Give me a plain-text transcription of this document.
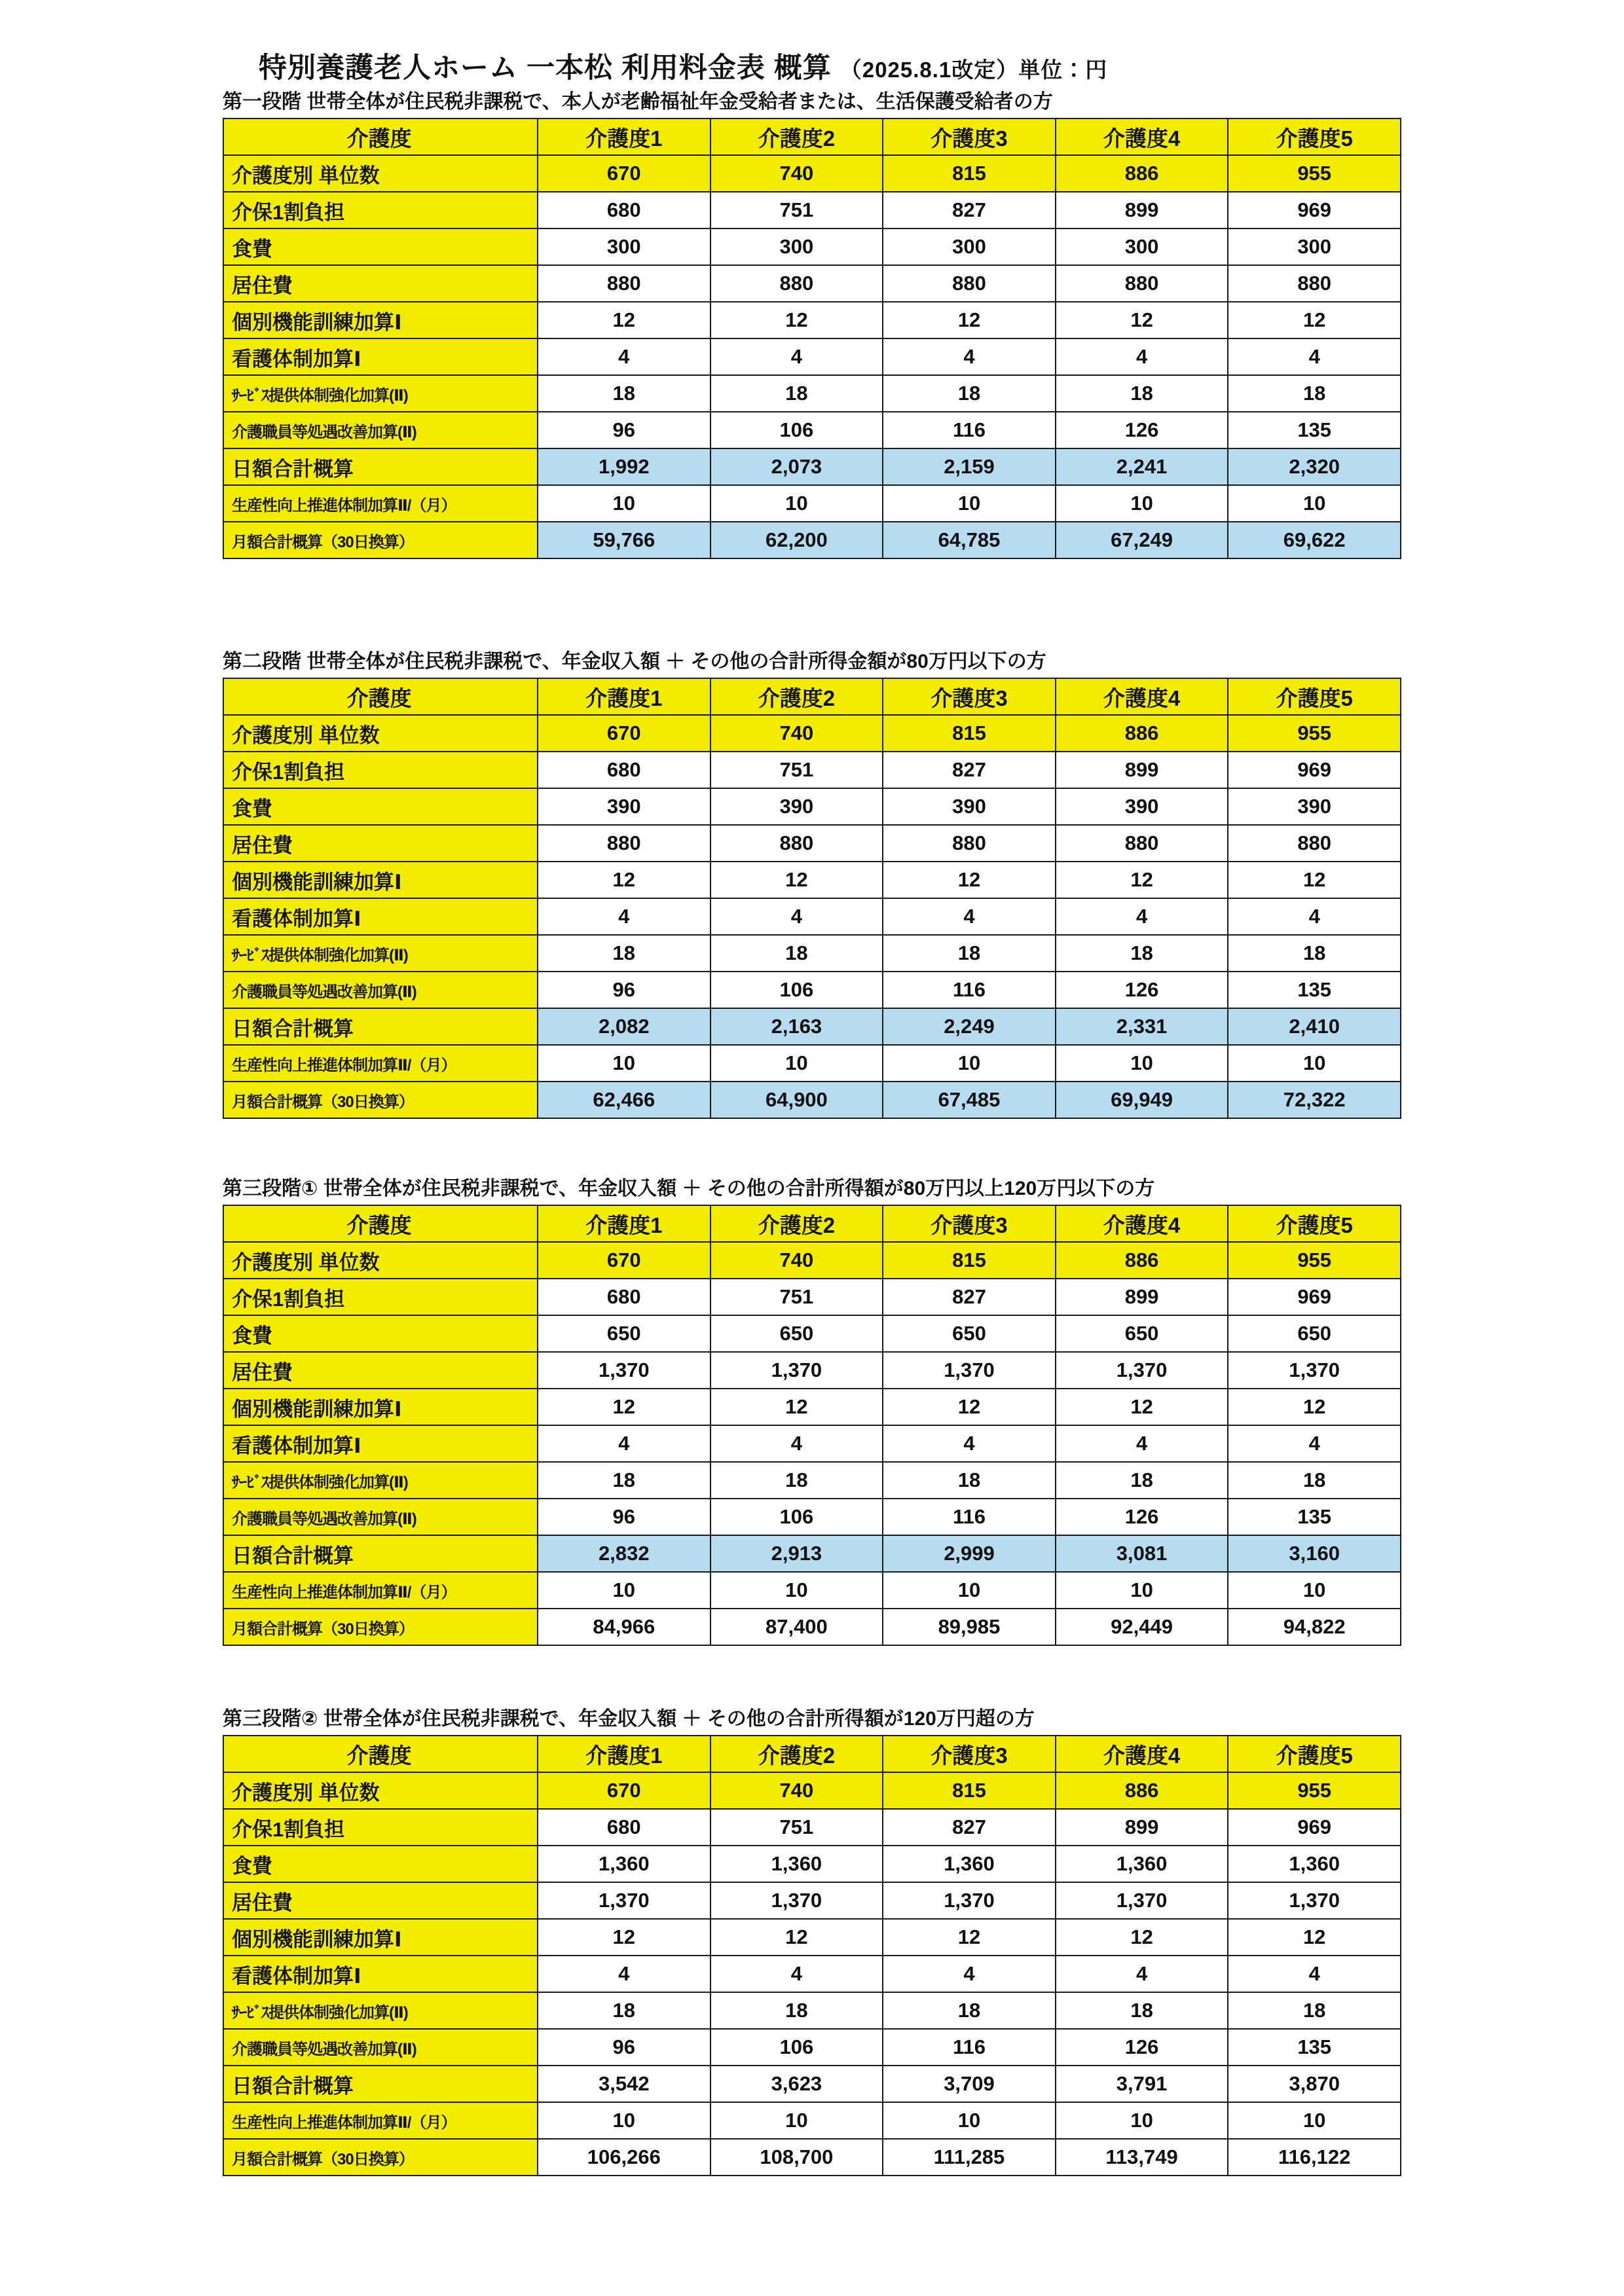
特別養護老人ホーム 一本松 利用料金表 概算 （2025.8.1改定）単位：円
第一段階 世帯全体が住民税非課税で、本人が老齢福祉年金受給者または、生活保護受給者の方
介護度	介護度1	介護度2	介護度3	介護度4	介護度5
介護度別 単位数	670	740	815	886	955
介保1割負担	680	751	827	899	969
食費	300	300	300	300	300
居住費	880	880	880	880	880
個別機能訓練加算Ⅰ	12	12	12	12	12
看護体制加算Ⅰ	4	4	4	4	4
ｻｰﾋﾞｽ提供体制強化加算(Ⅱ)	18	18	18	18	18
介護職員等処遇改善加算(Ⅱ)	96	106	116	126	135
日額合計概算	1,992	2,073	2,159	2,241	2,320
生産性向上推進体制加算Ⅱ/（月）	10	10	10	10	10
月額合計概算（30日換算）	59,766	62,200	64,785	67,249	69,622
第二段階 世帯全体が住民税非課税で、年金収入額 ＋ その他の合計所得金額が80万円以下の方
介護度	介護度1	介護度2	介護度3	介護度4	介護度5
介護度別 単位数	670	740	815	886	955
介保1割負担	680	751	827	899	969
食費	390	390	390	390	390
居住費	880	880	880	880	880
個別機能訓練加算Ⅰ	12	12	12	12	12
看護体制加算Ⅰ	4	4	4	4	4
ｻｰﾋﾞｽ提供体制強化加算(Ⅱ)	18	18	18	18	18
介護職員等処遇改善加算(Ⅱ)	96	106	116	126	135
日額合計概算	2,082	2,163	2,249	2,331	2,410
生産性向上推進体制加算Ⅱ/（月）	10	10	10	10	10
月額合計概算（30日換算）	62,466	64,900	67,485	69,949	72,322
第三段階① 世帯全体が住民税非課税で、年金収入額 ＋ その他の合計所得額が80万円以上120万円以下の方
介護度	介護度1	介護度2	介護度3	介護度4	介護度5
介護度別 単位数	670	740	815	886	955
介保1割負担	680	751	827	899	969
食費	650	650	650	650	650
居住費	1,370	1,370	1,370	1,370	1,370
個別機能訓練加算Ⅰ	12	12	12	12	12
看護体制加算Ⅰ	4	4	4	4	4
ｻｰﾋﾞｽ提供体制強化加算(Ⅱ)	18	18	18	18	18
介護職員等処遇改善加算(Ⅱ)	96	106	116	126	135
日額合計概算	2,832	2,913	2,999	3,081	3,160
生産性向上推進体制加算Ⅱ/（月）	10	10	10	10	10
月額合計概算（30日換算）	84,966	87,400	89,985	92,449	94,822
第三段階② 世帯全体が住民税非課税で、年金収入額 ＋ その他の合計所得額が120万円超の方
介護度	介護度1	介護度2	介護度3	介護度4	介護度5
介護度別 単位数	670	740	815	886	955
介保1割負担	680	751	827	899	969
食費	1,360	1,360	1,360	1,360	1,360
居住費	1,370	1,370	1,370	1,370	1,370
個別機能訓練加算Ⅰ	12	12	12	12	12
看護体制加算Ⅰ	4	4	4	4	4
ｻｰﾋﾞｽ提供体制強化加算(Ⅱ)	18	18	18	18	18
介護職員等処遇改善加算(Ⅱ)	96	106	116	126	135
日額合計概算	3,542	3,623	3,709	3,791	3,870
生産性向上推進体制加算Ⅱ/（月）	10	10	10	10	10
月額合計概算（30日換算）	106,266	108,700	111,285	113,749	116,122
